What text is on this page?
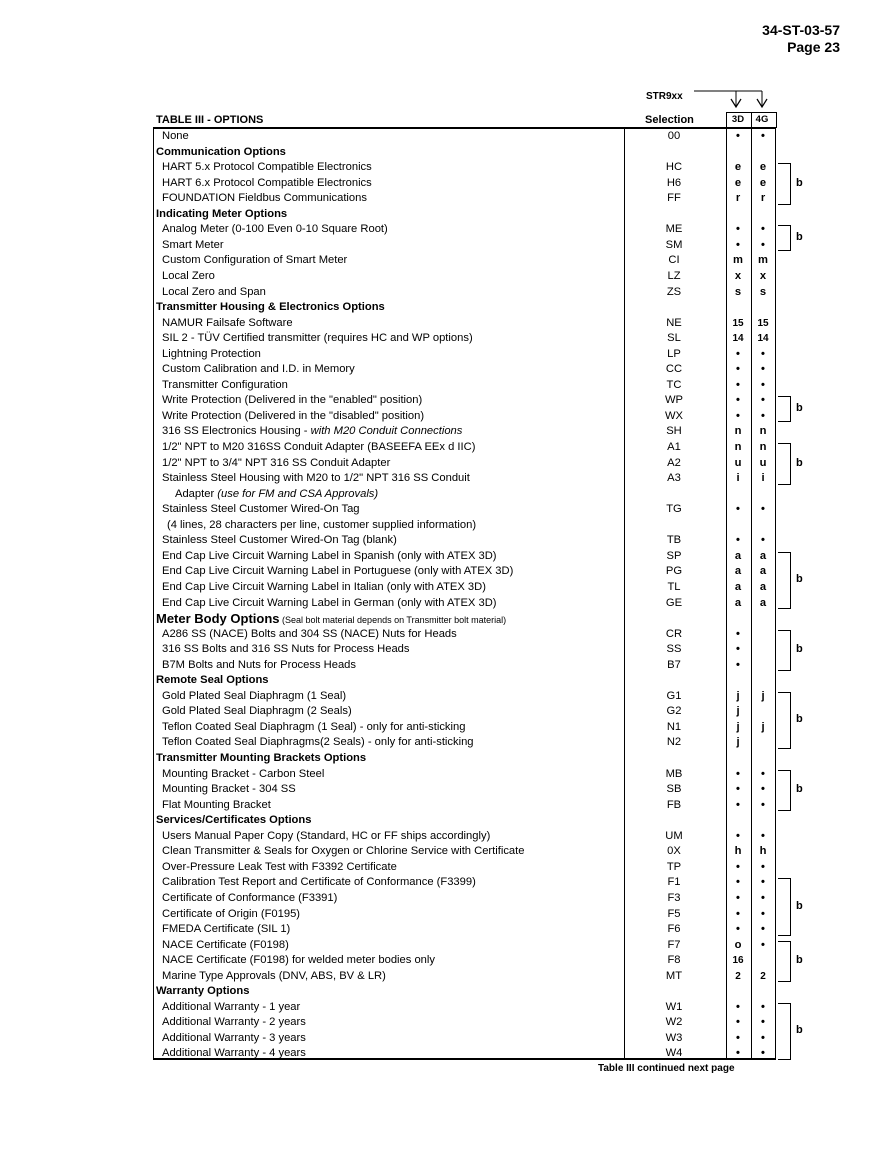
34-ST-03-57
Page 23
STR9xx
TABLE III - OPTIONS	Selection	3D	4G
None	00	•	•
Communication Options
HART 5.x Protocol Compatible Electronics	HC	e	e
HART 6.x Protocol Compatible Electronics	H6	e	e
FOUNDATION Fieldbus Communications	FF	r	r
Indicating Meter Options
Analog Meter (0-100 Even 0-10 Square Root)	ME	•	•
Smart Meter	SM	•	•
Custom Configuration of Smart Meter	CI	m	m
Local Zero	LZ	x	x
Local Zero and Span	ZS	s	s
Transmitter Housing & Electronics Options
NAMUR Failsafe Software	NE	15	15
SIL 2 - TÜV Certified transmitter (requires HC and WP options)	SL	14	14
Lightning Protection	LP	•	•
Custom Calibration and I.D. in Memory	CC	•	•
Transmitter Configuration	TC	•	•
Write Protection (Delivered in the "enabled" position)	WP	•	•
Write Protection (Delivered in the "disabled" position)	WX	•	•
316 SS Electronics Housing - with M20 Conduit Connections	SH	n	n
1/2" NPT to M20 316SS Conduit Adapter (BASEEFA EEx d IIC)	A1	n	n
1/2" NPT to 3/4" NPT 316 SS Conduit Adapter	A2	u	u
Stainless Steel Housing with M20 to 1/2" NPT 316 SS Conduit	A3	i	i
Adapter (use for FM and CSA Approvals)
Stainless Steel Customer Wired-On Tag	TG	•	•
(4 lines, 28 characters per line, customer supplied information)
Stainless Steel Customer Wired-On Tag (blank)	TB	•	•
End Cap Live Circuit Warning Label in Spanish (only with ATEX 3D)	SP	a	a
End Cap Live Circuit Warning Label in Portuguese (only with ATEX 3D)	PG	a	a
End Cap Live Circuit Warning Label in Italian (only with ATEX 3D)	TL	a	a
End Cap Live Circuit Warning Label in German (only with ATEX 3D)	GE	a	a
Meter Body Options (Seal bolt material depends on Transmitter bolt material)
A286 SS (NACE) Bolts and 304 SS (NACE) Nuts for Heads	CR	•
316 SS Bolts and 316 SS Nuts for Process Heads	SS	•
B7M Bolts and Nuts for Process Heads	B7	•
Remote Seal Options
Gold Plated Seal Diaphragm (1 Seal)	G1	j	j
Gold Plated Seal Diaphragm (2 Seals)	G2	j
Teflon Coated Seal Diaphragm (1 Seal) - only for anti-sticking	N1	j	j
Teflon Coated Seal Diaphragms(2 Seals) - only for anti-sticking	N2	j
Transmitter Mounting Brackets Options
Mounting Bracket - Carbon Steel	MB	•	•
Mounting Bracket - 304 SS	SB	•	•
Flat Mounting Bracket	FB	•	•
Services/Certificates Options
Users Manual Paper Copy (Standard, HC or FF ships accordingly)	UM	•	•
Clean Transmitter & Seals for Oxygen or Chlorine Service with Certificate	0X	h	h
Over-Pressure Leak Test with F3392 Certificate	TP	•	•
Calibration Test Report and Certificate of Conformance (F3399)	F1	•	•
Certificate of Conformance (F3391)	F3	•	•
Certificate of Origin (F0195)	F5	•	•
FMEDA Certificate (SIL 1)	F6	•	•
NACE Certificate (F0198)	F7	o	•
NACE Certificate (F0198) for welded meter bodies only	F8	16
Marine Type Approvals (DNV, ABS, BV & LR)	MT	2	2
Warranty Options
Additional Warranty - 1 year	W1	•	•
Additional Warranty - 2 years	W2	•	•
Additional Warranty - 3 years	W3	•	•
Additional Warranty - 4 years	W4	•	•
b
b
b
b
b
b
b
b
b
b
b
Table III continued next page
